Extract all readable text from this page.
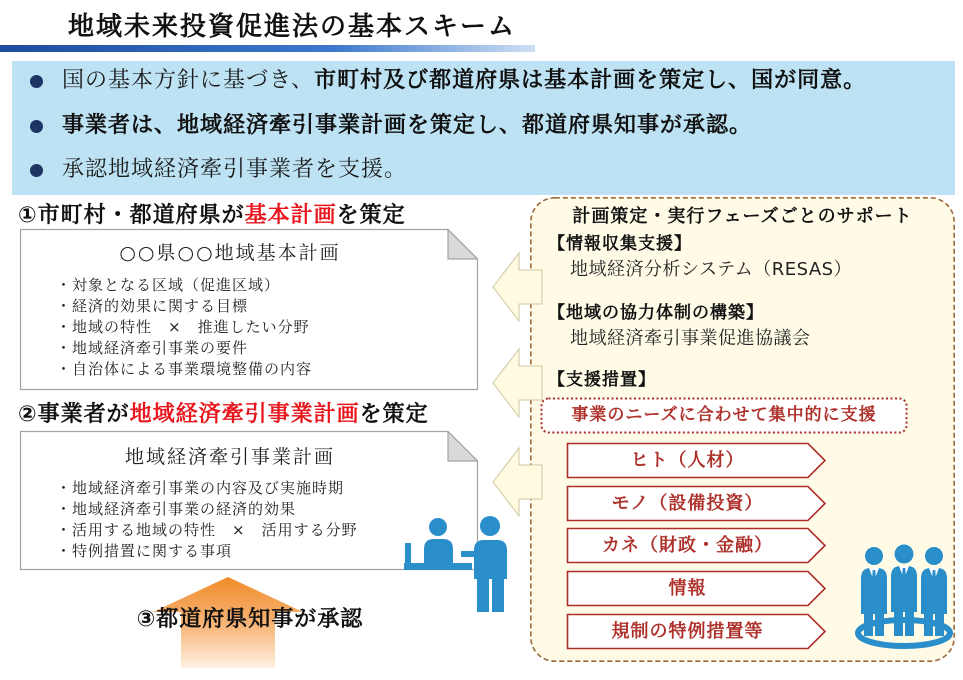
地域未来投資促進法の基本スキーム
国の基本方針に基づき、市町村及び都道府県は基本計画を策定し、国が同意。
事業者は、地域経済牽引事業計画を策定し、都道府県知事が承認。
承認地域経済牽引事業者を支援。
①市町村・都道府県が基本計画を策定
○○県○○地域基本計画
・対象となる区域（促進区域）
・経済的効果に関する目標
・地域の特性　×　推進したい分野
・地域経済牽引事業の要件
・自治体による事業環境整備の内容
②事業者が地域経済牽引事業計画を策定
地域経済牽引事業計画
・地域経済牽引事業の内容及び実施時期
・地域経済牽引事業の経済的効果
・活用する地域の特性　×　活用する分野
・特例措置に関する事項
③都道府県知事が承認
計画策定・実行フェーズごとのサポート
【情報収集支援】
地域経済分析システム（RESAS）
【地域の協力体制の構築】
地域経済牽引事業促進協議会
【支援措置】
事業のニーズに合わせて集中的に支援
ヒト（人材）
モノ（設備投資）
カネ（財政・金融）
情報
規制の特例措置等
